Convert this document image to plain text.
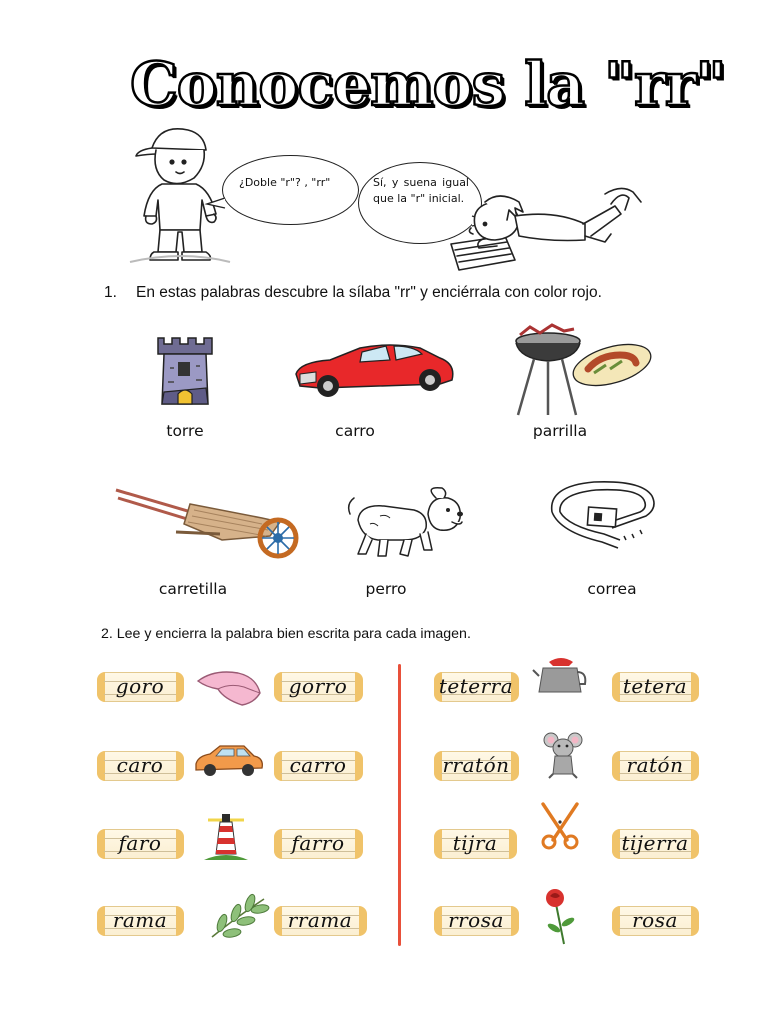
Conocemos la "rr"
¿Doble "r"? , "rr"	Sí, y suena igual que la "r" inicial.
1. En estas palabras descubre la sílaba "rr" y enciérrala con color rojo.
torre	carro	parrilla
carretilla	perro	correa
2. Lee y encierra la palabra bien escrita para cada imagen.
goro	gorro
caro	carro
faro	farro
rama	rrama
teterra	tetera
rratón	ratón
tijra	tijerra
rrosa	rosa
